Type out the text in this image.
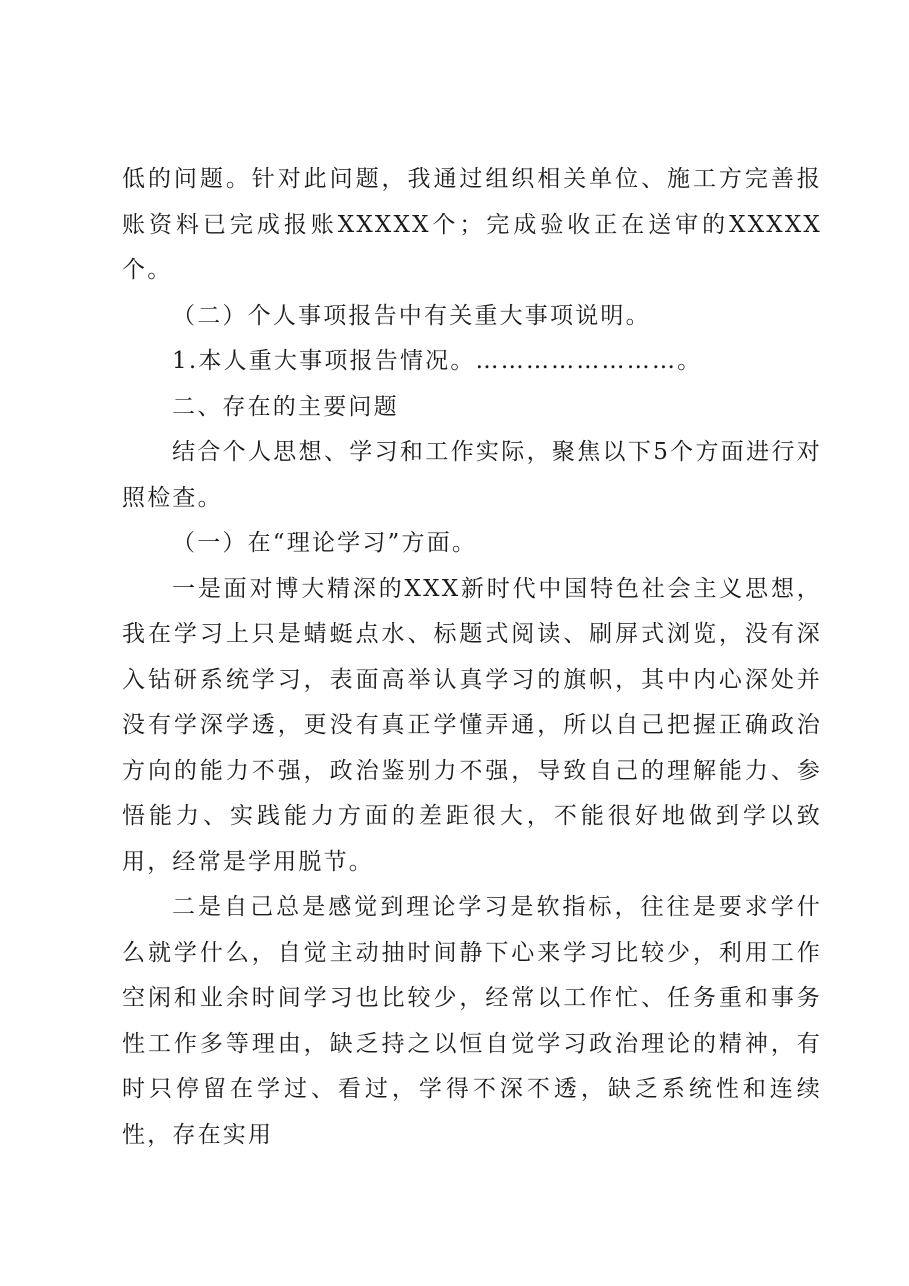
低的问题。针对此问题，我通过组织相关单位、施工方完善报账资料已完成报账XXXXX个；完成验收正在送审的XXXXX个。

（二）个人事项报告中有关重大事项说明。

1.本人重大事项报告情况。……………………。

二、存在的主要问题

结合个人思想、学习和工作实际，聚焦以下5个方面进行对照检查。

（一）在“理论学习”方面。

一是面对博大精深的XXX新时代中国特色社会主义思想，我在学习上只是蜻蜓点水、标题式阅读、刷屏式浏览，没有深入钻研系统学习，表面高举认真学习的旗帜，其中内心深处并没有学深学透，更没有真正学懂弄通，所以自己把握正确政治方向的能力不强，政治鉴别力不强，导致自己的理解能力、参悟能力、实践能力方面的差距很大，不能很好地做到学以致用，经常是学用脱节。

二是自己总是感觉到理论学习是软指标，往往是要求学什么就学什么，自觉主动抽时间静下心来学习比较少，利用工作空闲和业余时间学习也比较少，经常以工作忙、任务重和事务性工作多等理由，缺乏持之以恒自觉学习政治理论的精神，有时只停留在学过、看过，学得不深不透，缺乏系统性和连续性，存在实用
